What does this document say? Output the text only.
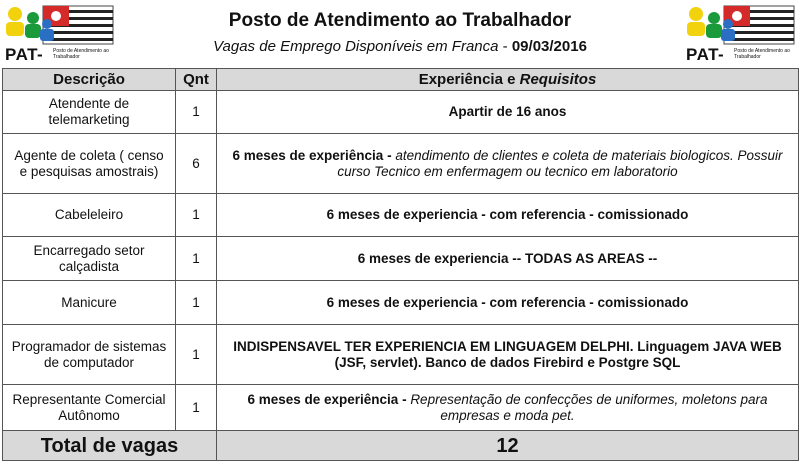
PAT- Posto de Atendimento ao Trabalhador
Posto de Atendimento ao Trabalhador
Vagas de Emprego Disponíveis em Franca - 09/03/2016	PAT- Posto de Atendimento ao Trabalhador
Descrição	Qnt	Experiência e Requisitos
Atendente de telemarketing	1	Apartir de 16 anos
Agente de coleta ( censo e pesquisas amostrais)	6	6 meses de experiência - atendimento de clientes e coleta de materiais biologicos. Possuir curso Tecnico em enfermagem ou tecnico em laboratorio
Cabeleleiro	1	6 meses de experiencia - com referencia - comissionado
Encarregado setor calçadista	1	6 meses de experiencia -- TODAS AS AREAS --
Manicure	1	6 meses de experiencia - com referencia - comissionado
Programador de sistemas de computador	1	INDISPENSAVEL TER EXPERIENCIA EM LINGUAGEM DELPHI. Linguagem JAVA WEB (JSF, servlet). Banco de dados Firebird e Postgre SQL
Representante Comercial Autônomo	1	6 meses de experiência - Representação de confecções de uniformes, moletons para empresas e moda pet.
Total de vagas		12
